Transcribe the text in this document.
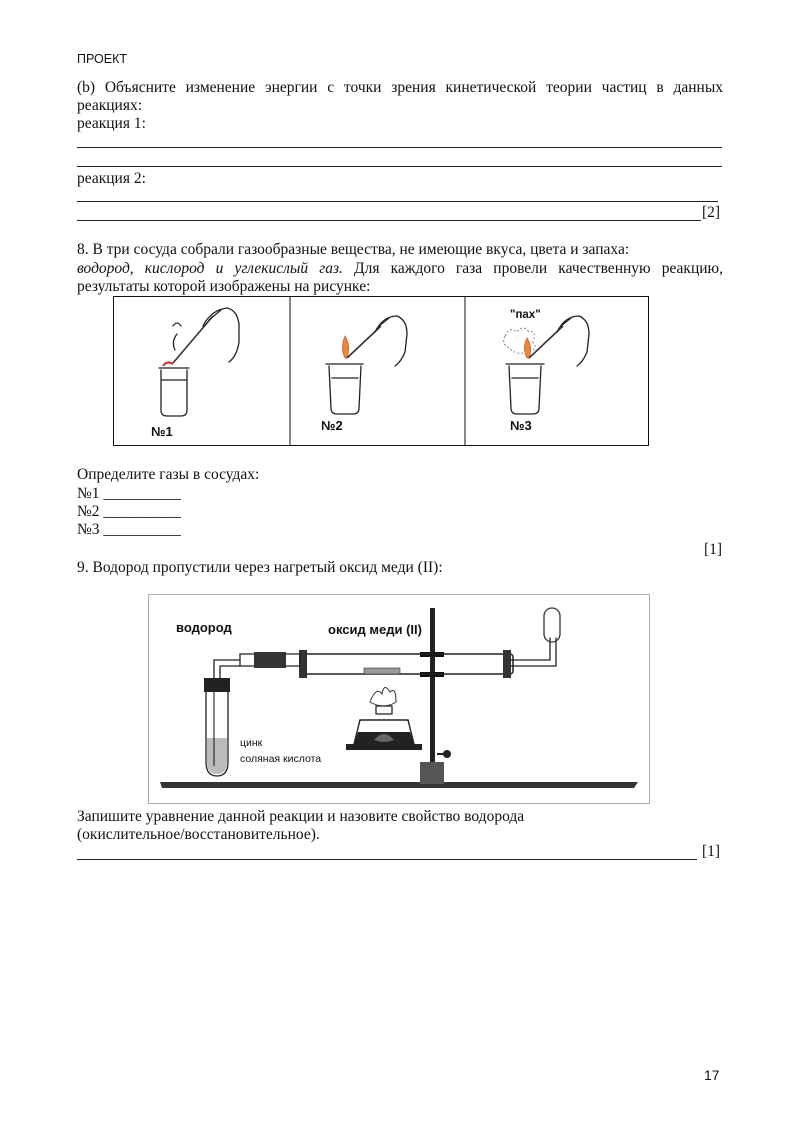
ПРОЕКТ
(b) Объясните изменение энергии с точки зрения кинетической теории частиц в данных
реакциях:
реакция 1:
реакция 2:
[2]
8. В три сосуда собрали газообразные вещества, не имеющие вкуса, цвета и запаха:
водород, кислород и углекислый газ. Для каждого газа провели качественную реакцию,
результаты которой изображены на рисунке:
№1	№2
"пах"
№3
Определите газы в сосудах:
№1 __________
№2 __________
№3 __________
[1]
9. Водород пропустили через нагретый оксид меди (II):
водород	оксид меди (II)
цинк
соляная кислота
Запишите уравнение данной реакции и назовите свойство водорода
(окислительное/восстановительное).
[1]
17
